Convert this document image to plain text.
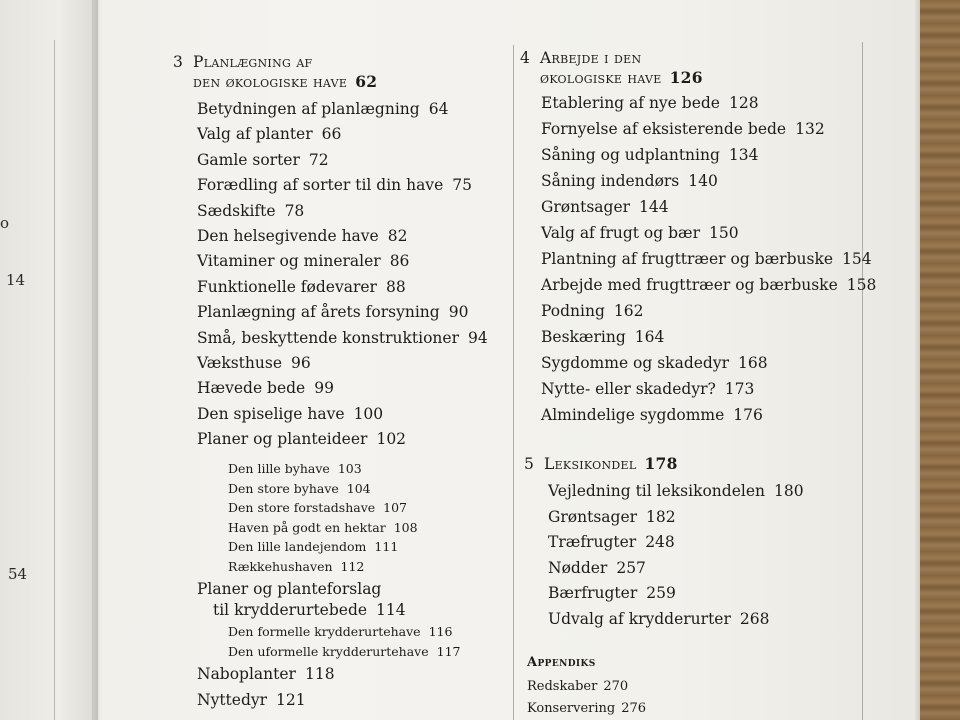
o
14
54
3 Planlægning af
den økologiske have 62
Betydningen af planlægning 64
Valg af planter 66
Gamle sorter 72
Forædling af sorter til din have 75
Sædskifte 78
Den helsegivende have 82
Vitaminer og mineraler 86
Funktionelle fødevarer 88
Planlægning af årets forsyning 90
Små, beskyttende konstruktioner 94
Væksthuse 96
Hævede bede 99
Den spiselige have 100
Planer og planteideer 102
Den lille byhave 103
Den store byhave 104
Den store forstadshave 107
Haven på godt en hektar 108
Den lille landejendom 111
Rækkehushaven 112
Planer og planteforslag
til krydderurtebede 114
Den formelle krydderurtehave 116
Den uformelle krydderurtehave 117
Naboplanter 118
Nyttedyr 121
4 Arbejde i den
økologiske have 126
Etablering af nye bede 128
Fornyelse af eksisterende bede 132
Såning og udplantning 134
Såning indendørs 140
Grøntsager 144
Valg af frugt og bær 150
Plantning af frugttræer og bærbuske 154
Arbejde med frugttræer og bærbuske 158
Podning 162
Beskæring 164
Sygdomme og skadedyr 168
Nytte- eller skadedyr? 173
Almindelige sygdomme 176
5 Leksikondel 178
Vejledning til leksikondelen 180
Grøntsager 182
Træfrugter 248
Nødder 257
Bærfrugter 259
Udvalg af krydderurter 268
Appendiks
Redskaber 270
Konservering 276
